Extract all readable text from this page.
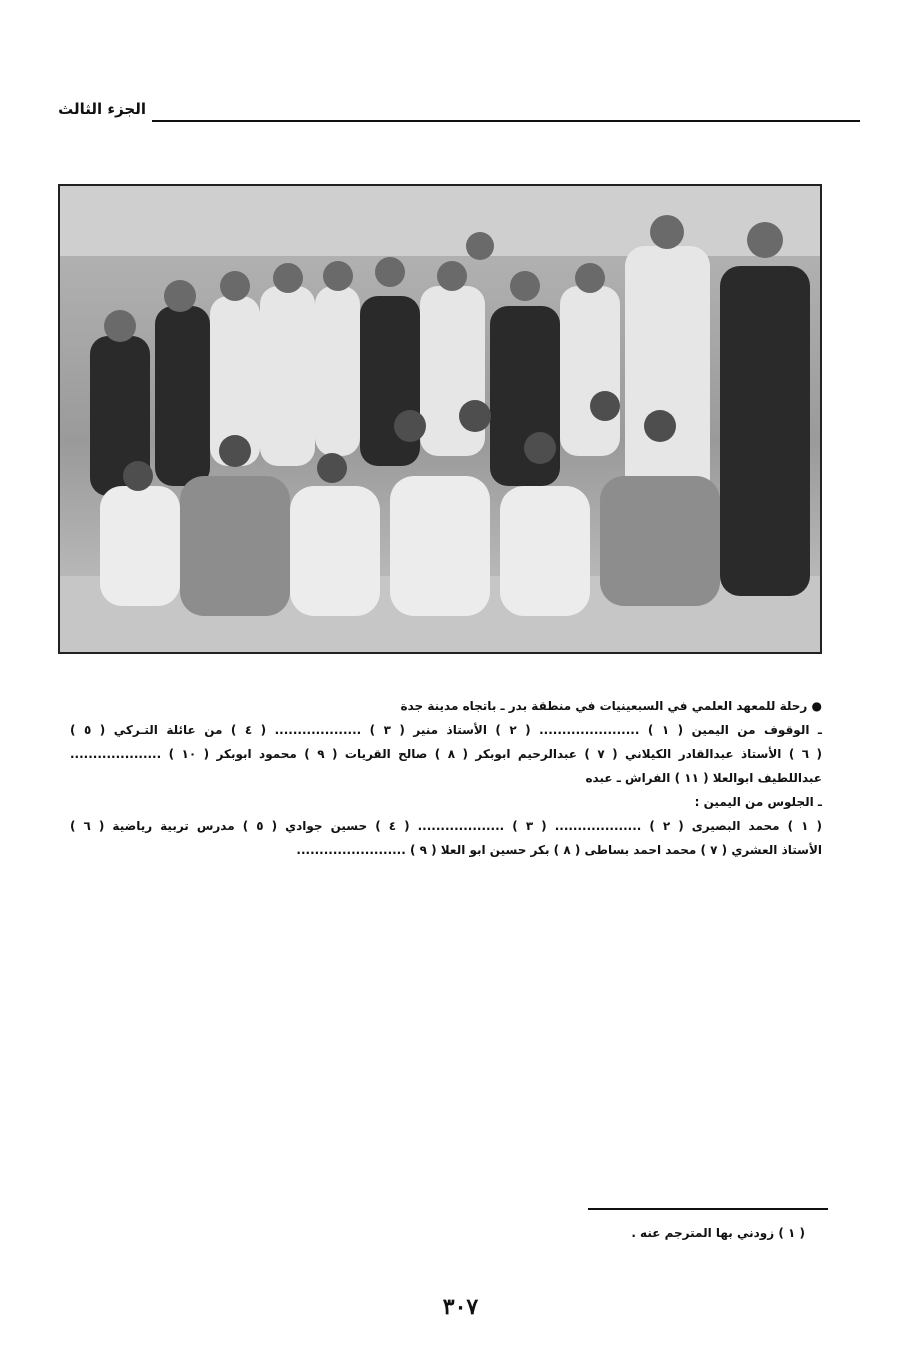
الجزء الثالث
● رحلة للمعهد العلمي في السبعينيات في منطقة بدر ـ باتجاه مدينة جدة
ـ الوقوف من اليمين ( ١ ) ...................... ( ٢ ) الأستاذ منير ( ٣ ) ................... ( ٤ ) من عائلة التـركي ( ٥ )
( ٦ ) الأستاذ عبدالقادر الكيلاني ( ٧ ) عبدالرحيم ابوبكر ( ٨ ) صالح القريات ( ٩ ) محمود ابوبكر ( ١٠ ) ....................
عبداللطيف ابوالعلا ( ١١ ) الفراش ـ عبده
ـ الجلوس من اليمين :
( ١ ) محمد البصيرى ( ٢ ) ................... ( ٣ ) ................... ( ٤ ) حسين جوادي ( ٥ ) مدرس تربية رياضية ( ٦ )
الأستاذ العشري ( ٧ ) محمد احمد بساطى ( ٨ ) بكر حسين ابو العلا ( ٩ ) ........................
( ١ ) زودني بها المترجم عنه .
٣٠٧
